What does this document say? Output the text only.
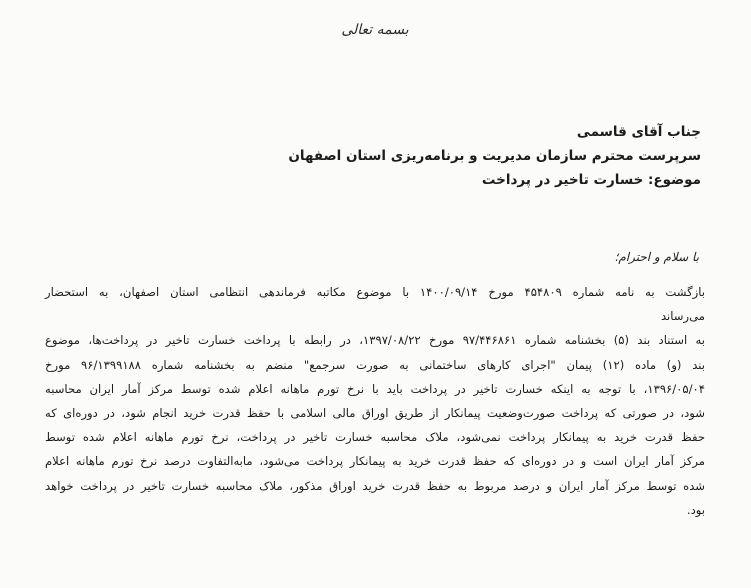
بسمه تعالی
جناب آقای قاسمی
سرپرست محترم سازمان مدیریت و برنامه‌ریزی استان اصفهان
موضوع: خسارت تاخیر در پرداخت
با سلام و احترام؛

بازگشت به نامه شماره ۴۵۴۸۰۹ مورخ ۱۴۰۰/۰۹/۱۴ با موضوع مکاتبه فرماندهی انتظامی استان اصفهان، به استحضار
می‌رساند

به استناد بند (۵) بخشنامه شماره ۹۷/۴۴۶۸۶۱ مورخ ۱۳۹۷/۰۸/۲۲، در رابطه با پرداخت خسارت تاخیر در پرداخت‌ها، موضوع
بند (و) ماده (۱۲) پیمان "اجرای کارهای ساختمانی به صورت سرجمع" منضم به بخشنامه شماره ۹۶/۱۳۹۹۱۸۸ مورخ
۱۳۹۶/۰۵/۰۴، با توجه به اینکه خسارت تاخیر در پرداخت باید با نرخ تورم ماهانه اعلام شده توسط مرکز آمار ایران محاسبه
شود، در صورتی که پرداخت صورت‌وضعیت پیمانکار از طریق اوراق مالی اسلامی با حفظ قدرت خرید انجام شود، در دوره‌ای که
حفظ قدرت خرید به پیمانکار پرداخت نمی‌شود، ملاک محاسبه خسارت تاخیر در پرداخت، نرخ تورم ماهانه اعلام شده توسط
مرکز آمار ایران است و در دوره‌ای که حفظ قدرت خرید به پیمانکار پرداخت می‌شود، مابه‌التفاوت درصد نرخ تورم ماهانه اعلام
شده توسط مرکز آمار ایران و درصد مربوط به حفظ قدرت خرید اوراق مذکور، ملاک محاسبه خسارت تاخیر در پرداخت خواهد
بود.
